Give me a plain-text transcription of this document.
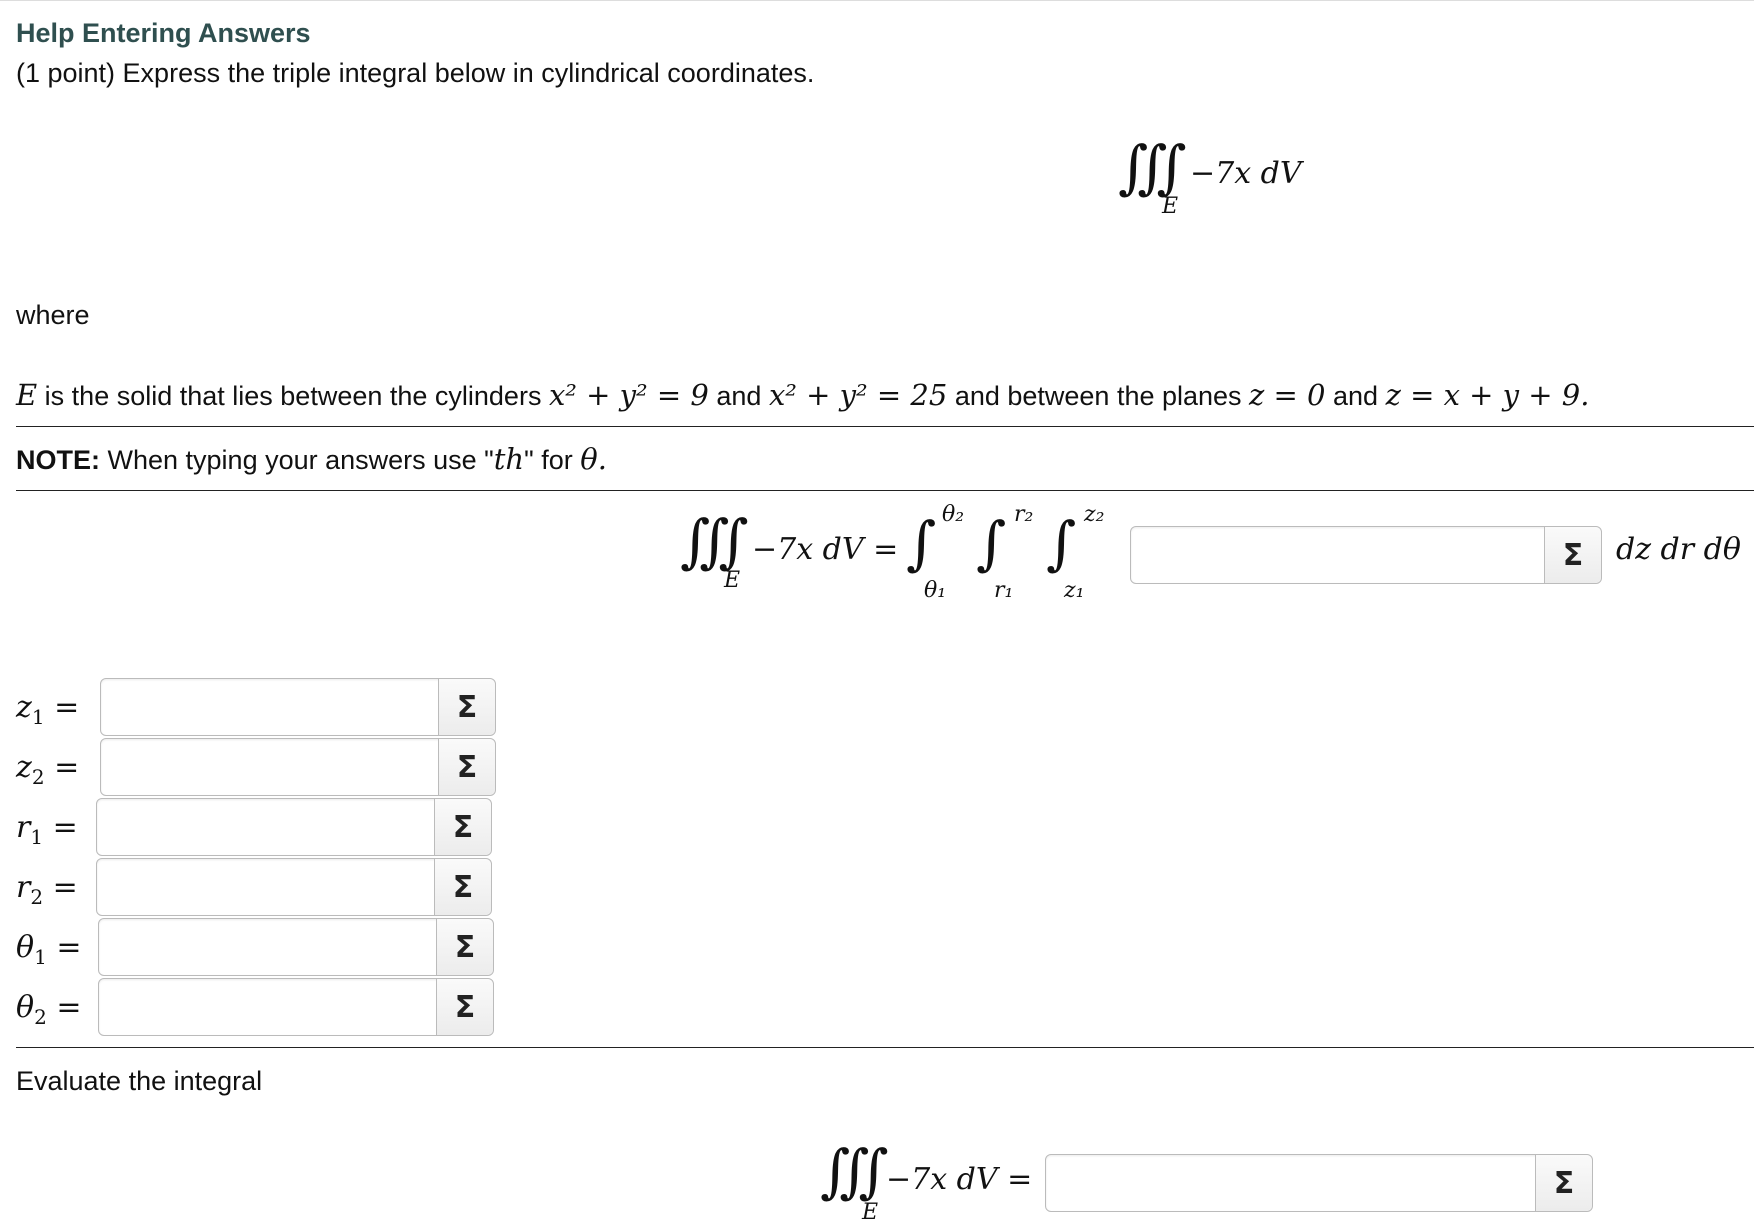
Help Entering Answers
(1 point) Express the triple integral below in cylindrical coordinates.
∭
E
−7x dV
where
E is the solid that lies between the cylinders x² + y² = 9 and x² + y² = 25 and between the planes z = 0 and z = x + y + 9.
NOTE: When typing your answers use "th" for θ.
∭
E
−7x dV = ∫ θ₂
θ₁
∫ r₂
r₁
∫ z₂
z₁
Σ	dz dr dθ
$z_1$ =	Σ
$z_2$ =	Σ
$r_1$ =	Σ
$r_2$ =	Σ
$\theta_1$ =	Σ
$\theta_2$ =	Σ
Evaluate the integral
∭
E
−7x dV =	Σ
